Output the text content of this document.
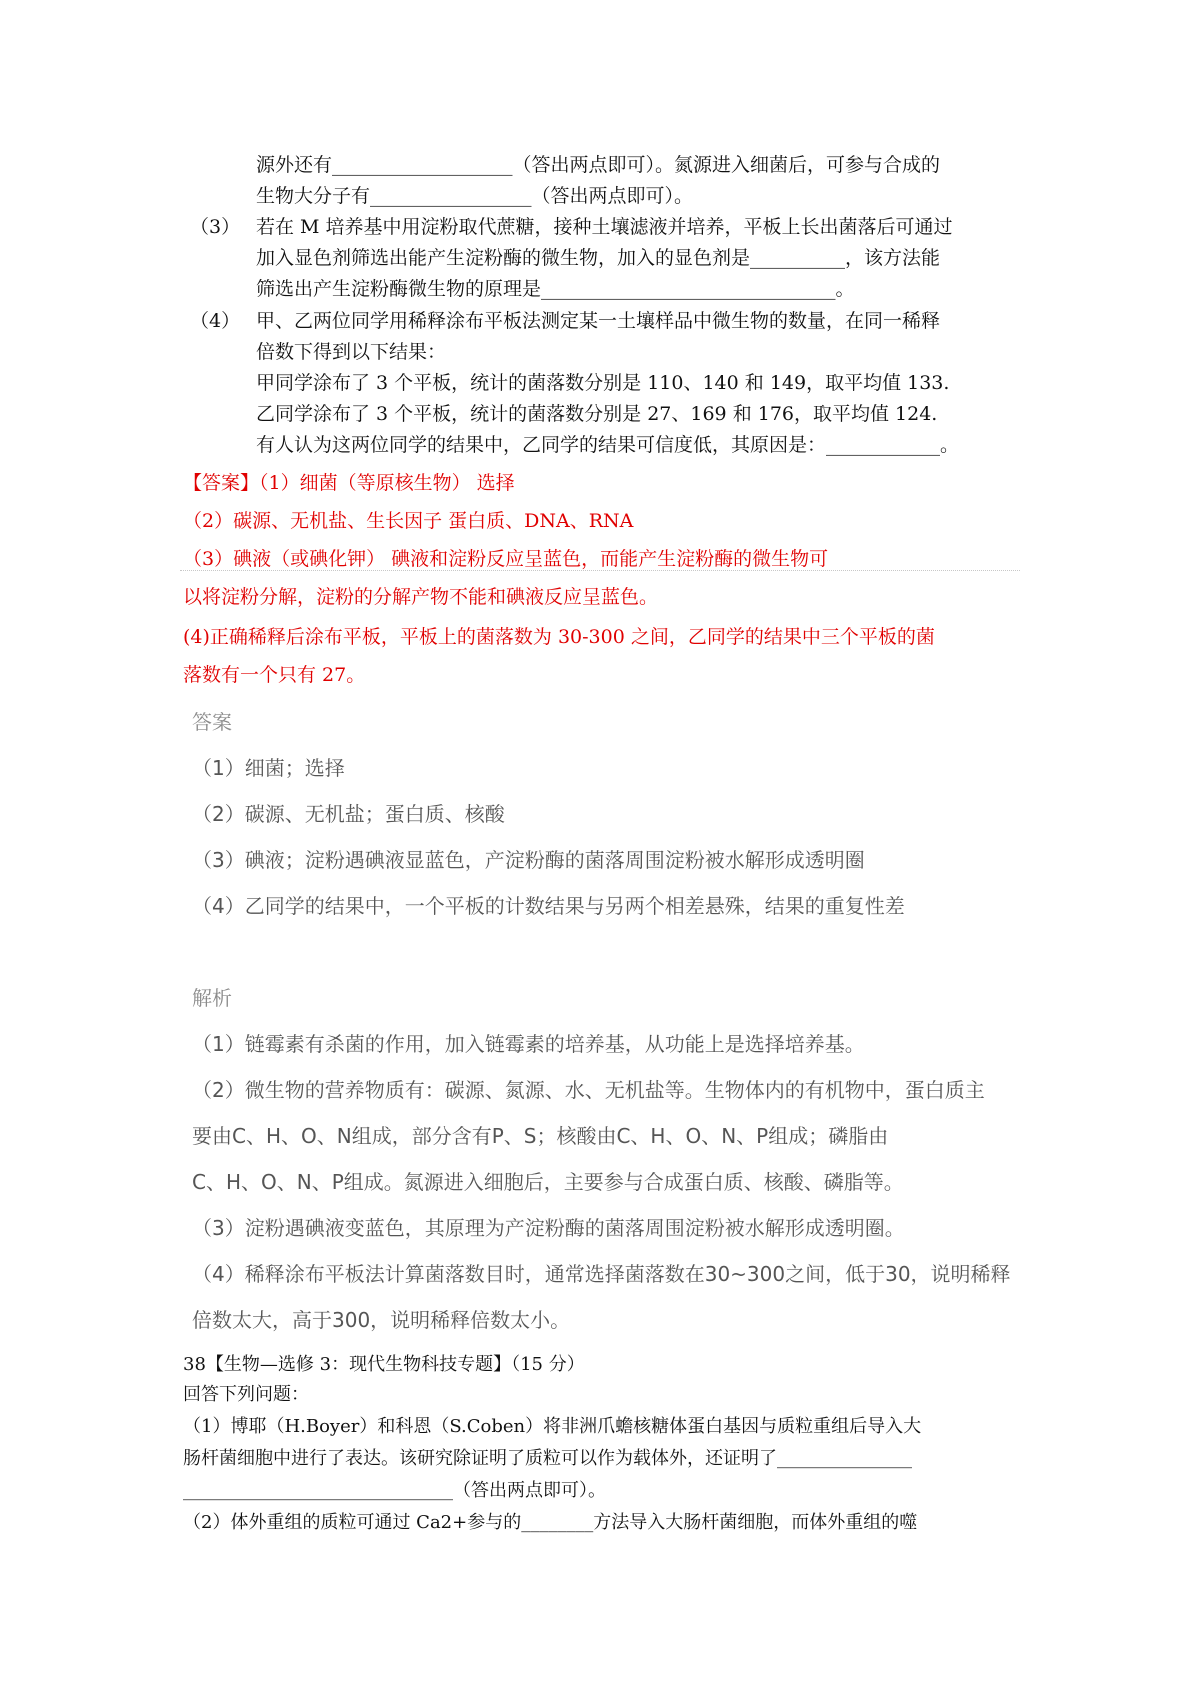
源外还有___________________（答出两点即可）。氮源进入细菌后，可参与合成的
生物大分子有_________________（答出两点即可）。
（3） 若在 M 培养基中用淀粉取代蔗糖，接种土壤滤液并培养，平板上长出菌落后可通过
加入显色剂筛选出能产生淀粉酶的微生物，加入的显色剂是__________，该方法能
筛选出产生淀粉酶微生物的原理是_______________________________。
（4） 甲、乙两位同学用稀释涂布平板法测定某一土壤样品中微生物的数量，在同一稀释
倍数下得到以下结果：
甲同学涂布了 3 个平板，统计的菌落数分别是 110、140 和 149，取平均值 133.
乙同学涂布了 3 个平板，统计的菌落数分别是 27、169 和 176，取平均值 124.
有人认为这两位同学的结果中，乙同学的结果可信度低，其原因是：____________。
【答案】（1）细菌（等原核生物） 选择
（2）碳源、无机盐、生长因子 蛋白质、DNA、RNA
（3）碘液（或碘化钾） 碘液和淀粉反应呈蓝色，而能产生淀粉酶的微生物可
以将淀粉分解，淀粉的分解产物不能和碘液反应呈蓝色。
(4)正确稀释后涂布平板，平板上的菌落数为 30-300 之间，乙同学的结果中三个平板的菌
落数有一个只有 27。
答案
（1）细菌；选择
（2）碳源、无机盐；蛋白质、核酸
（3）碘液；淀粉遇碘液显蓝色，产淀粉酶的菌落周围淀粉被水解形成透明圈
（4）乙同学的结果中，一个平板的计数结果与另两个相差悬殊，结果的重复性差
解析
（1）链霉素有杀菌的作用，加入链霉素的培养基，从功能上是选择培养基。
（2）微生物的营养物质有：碳源、氮源、水、无机盐等。生物体内的有机物中，蛋白质主
要由C、H、O、N组成，部分含有P、S；核酸由C、H、O、N、P组成；磷脂由
C、H、O、N、P组成。氮源进入细胞后，主要参与合成蛋白质、核酸、磷脂等。
（3）淀粉遇碘液变蓝色，其原理为产淀粉酶的菌落周围淀粉被水解形成透明圈。
（4）稀释涂布平板法计算菌落数目时，通常选择菌落数在30~300之间，低于30，说明稀释
倍数太大，高于300，说明稀释倍数太小。
38【生物—选修 3：现代生物科技专题】（15 分）
回答下列问题：
（1）博耶（H.Boyer）和科恩（S.Coben）将非洲爪蟾核糖体蛋白基因与质粒重组后导入大
肠杆菌细胞中进行了表达。该研究除证明了质粒可以作为载体外，还证明了_______________
______________________________（答出两点即可）。
（2）体外重组的质粒可通过 Ca2+参与的________方法导入大肠杆菌细胞，而体外重组的噬
